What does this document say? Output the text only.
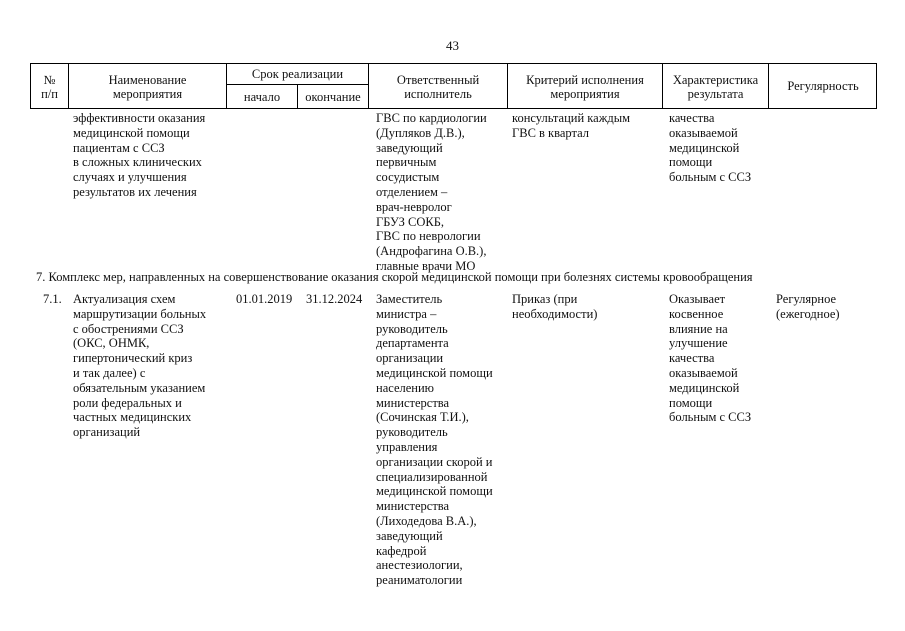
43
№
п/п
Наименование
мероприятия
Срок реализации
начало	окончание
Ответственный
исполнитель
Критерий исполнения
мероприятия
Характеристика
результата
Регулярность
эффективности оказания
медицинской помощи
пациентам с ССЗ
в сложных клинических
случаях и улучшения
результатов их лечения
ГВС по кардиологии
(Дупляков Д.В.),
заведующий
первичным
сосудистым
отделением –
врач-невролог
ГБУЗ СОКБ,
ГВС по неврологии
(Андрофагина О.В.),
главные врачи МО
консультаций каждым
ГВС в квартал
качества
оказываемой
медицинской
помощи
больным с ССЗ
7. Комплекс мер, направленных на совершенствование оказания скорой медицинской помощи при болезнях системы кровообращения
7.1. Актуализация схем
маршрутизации больных
с обострениями ССЗ
(ОКС, ОНМК,
гипертонический криз
и так далее) с
обязательным указанием
роли федеральных и
частных медицинских
организаций
01.01.2019 31.12.2024 Заместитель
министра –
руководитель
департамента
организации
медицинской помощи
населению
министерства
(Сочинская Т.И.),
руководитель
управления
организации скорой и
специализированной
медицинской помощи
министерства
(Лиходедова В.А.),
заведующий
кафедрой
анестезиологии,
реаниматологии
Приказ (при
необходимости)
Оказывает
косвенное
влияние на
улучшение
качества
оказываемой
медицинской
помощи
больным с ССЗ
Регулярное
(ежегодное)
